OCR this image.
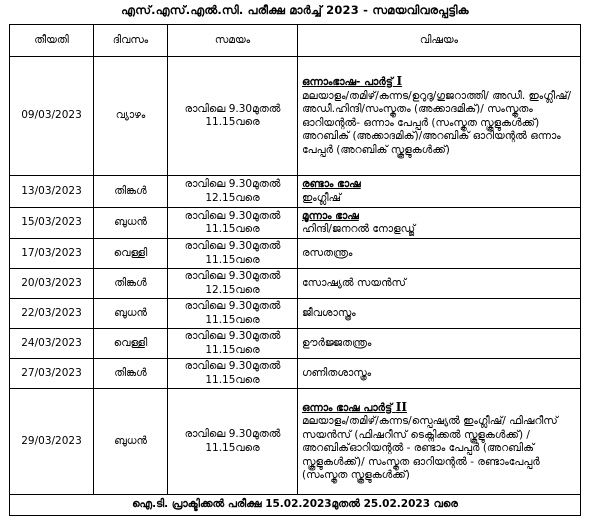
എസ്.എസ്.എൽ.സി. പരീക്ഷ മാർച്ച് 2023 - സമയവിവരപ്പട്ടിക
തീയതി	ദിവസം	സമയം	വിഷയം
09/03/2023	വ്യാഴം	രാവിലെ 9.30മുതൽ 11.15വരെ	ഒന്നാംഭാഷ- പാർട്ട് I
മലയാളം/തമിഴ്/കന്നട/ഉറുദു/ഗുജറാത്തി/ അഡീ. ഇംഗ്ലീഷ്/അഡീ.ഹിന്ദി/സംസ്കൃതം (അക്കാദമിക്)/ സംസ്കൃതം ഓറിയന്റൽ- ഒന്നാം പേപ്പർ (സംസ്കൃത സ്കൂളുകൾക്ക്) അറബിക് (അക്കാദമിക്)/അറബിക് ഓറിയന്റൽ ഒന്നാം പേപ്പർ (അറബിക് സ്കൂളുകൾക്ക്)
13/03/2023	തിങ്കൾ	രാവിലെ 9.30മുതൽ 12.15വരെ	രണ്ടാം ഭാഷ
ഇംഗ്ലീഷ്
15/03/2023	ബുധൻ	രാവിലെ 9.30മുതൽ 11.15വരെ	മൂന്നാം ഭാഷ
ഹിന്ദി/ജനറൽ നോളഡ്ജ്
17/03/2023	വെള്ളി	രാവിലെ 9.30മുതൽ 11.15വരെ	രസതന്ത്രം
20/03/2023	തിങ്കൾ	രാവിലെ 9.30മുതൽ 12.15വരെ	സോഷ്യൽ സയൻസ്
22/03/2023	ബുധൻ	രാവിലെ 9.30മുതൽ 11.15വരെ	ജീവശാസ്ത്രം
24/03/2023	വെള്ളി	രാവിലെ 9.30മുതൽ 11.15വരെ	ഊർജ്ജതന്ത്രം
27/03/2023	തിങ്കൾ	രാവിലെ 9.30മുതൽ 11.15വരെ	ഗണിതശാസ്ത്രം
29/03/2023	ബുധൻ	രാവിലെ 9.30മുതൽ 11.15വരെ	ഒന്നാം ഭാഷ പാർട്ട് II
മലയാളം/തമിഴ്/കന്നട/സ്പെഷ്യൽ ഇംഗ്ലീഷ്/ ഫിഷറീസ് സയൻസ് (ഫിഷറീസ് ടെക്നിക്കൽ സ്കൂളുകൾക്ക്) /അറബിക്ഓറിയന്റൽ - രണ്ടാം പേപ്പർ (അറബിക് സ്കൂളുകൾക്ക്)/ സംസ്കൃത ഓറിയന്റൽ - രണ്ടാംപേപ്പർ (സംസ്കൃത സ്കൂളുകൾക്ക്)
ഐ.ടി. പ്രാക്ടിക്കൽ പരീക്ഷ 15.02.2023മുതൽ 25.02.2023 വരെ			
